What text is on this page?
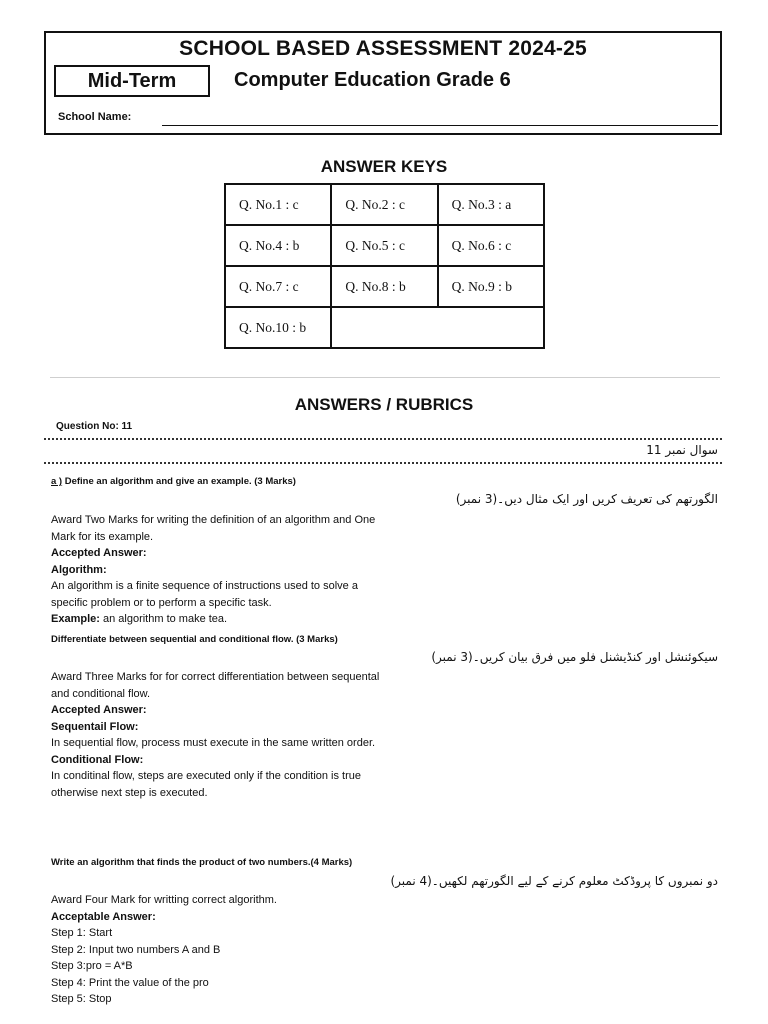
SCHOOL BASED ASSESSMENT 2024-25
Mid-Term	Computer Education Grade 6
School Name:
ANSWER KEYS
Q. No.1 : c	Q. No.2 : c	Q. No.3 : a
Q. No.4 : b	Q. No.5 : c	Q. No.6 : c
Q. No.7 : c	Q. No.8 : b	Q. No.9 : b
Q. No.10 : b		
ANSWERS / RUBRICS
Question No: 11
سوال نمبر 11
a ) Define an algorithm and give an example. (3 Marks)
الگورتھم کی تعریف کریں اور ایک مثال دیں۔(3 نمبر)

Award Two Marks for writing the definition of an algorithm and One Mark for its example.

Accepted Answer:

Algorithm:

An algorithm is a finite sequence of instructions used to solve a specific problem or to perform a specific task.

Example: an algorithm to make tea.

Differentiate between sequential and conditional flow. (3 Marks)
سیکوئنشل اور کنڈیشنل فلو میں فرق بیان کریں۔(3 نمبر)

Award Three Marks for for correct differentiation between sequental and conditional flow.

Accepted Answer:

Sequentail Flow:

In sequential flow, process must execute in the same written order.

Conditional Flow:

In conditinal flow, steps are executed only if the condition is true otherwise next step is executed.

Write an algorithm that finds the product of two numbers.(4 Marks)
دو نمبروں کا پروڈکٹ معلوم کرنے کے لیے الگورتھم لکھیں۔(4 نمبر)

Award Four Mark for writting correct algorithm.

Acceptable Answer:

Step 1: Start

Step 2: Input two numbers A and B

Step 3:pro = A*B

Step 4: Print the value of the pro

Step 5: Stop
